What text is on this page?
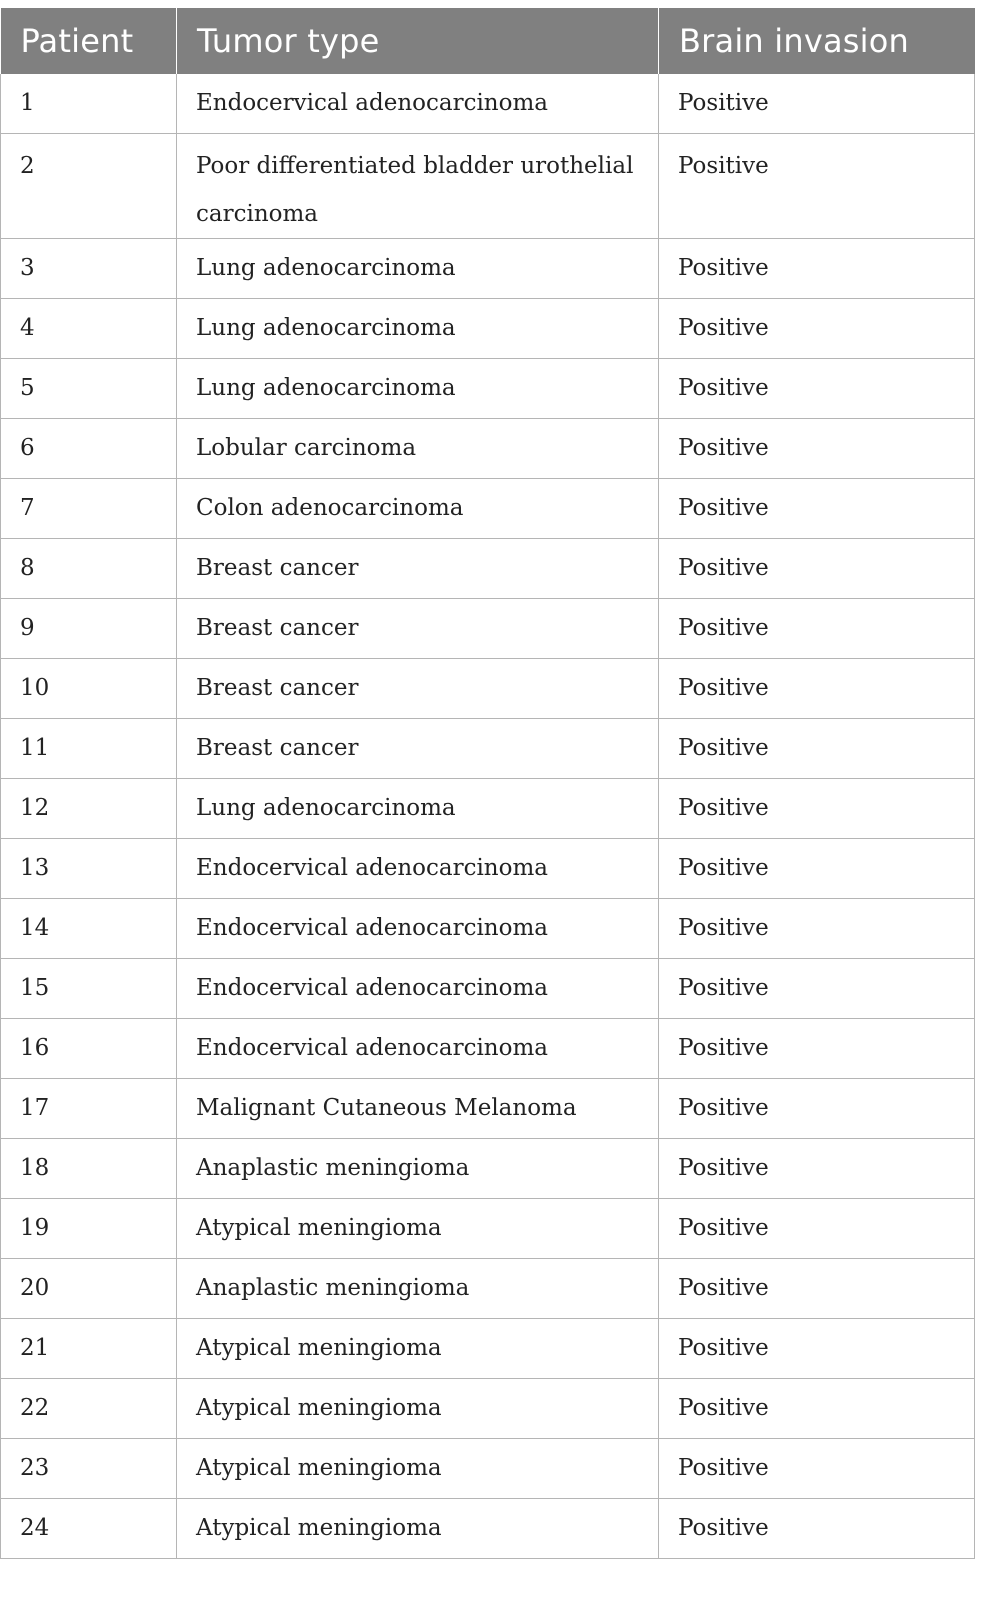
Patient	Tumor type	Brain invasion
1	Endocervical adenocarcinoma	Positive
2	Poor differentiated bladder urothelial carcinoma	Positive
3	Lung adenocarcinoma	Positive
4	Lung adenocarcinoma	Positive
5	Lung adenocarcinoma	Positive
6	Lobular carcinoma	Positive
7	Colon adenocarcinoma	Positive
8	Breast cancer	Positive
9	Breast cancer	Positive
10	Breast cancer	Positive
11	Breast cancer	Positive
12	Lung adenocarcinoma	Positive
13	Endocervical adenocarcinoma	Positive
14	Endocervical adenocarcinoma	Positive
15	Endocervical adenocarcinoma	Positive
16	Endocervical adenocarcinoma	Positive
17	Malignant Cutaneous Melanoma	Positive
18	Anaplastic meningioma	Positive
19	Atypical meningioma	Positive
20	Anaplastic meningioma	Positive
21	Atypical meningioma	Positive
22	Atypical meningioma	Positive
23	Atypical meningioma	Positive
24	Atypical meningioma	Positive
